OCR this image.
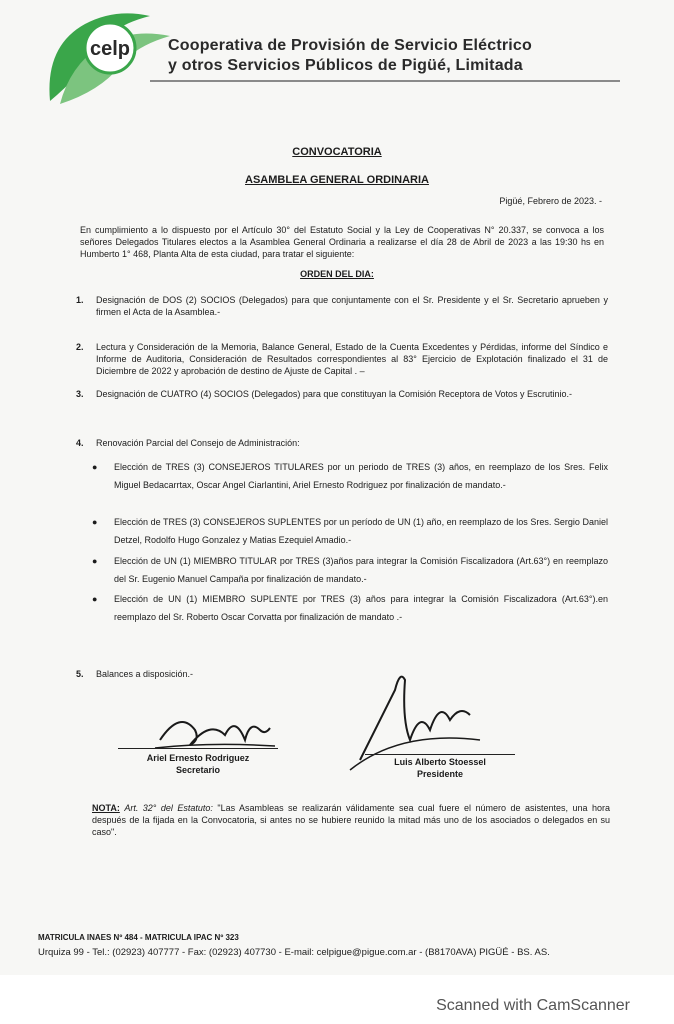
celp Cooperativa de Provisión de Servicio Eléctrico
y otros Servicios Públicos de Pigüé, Limitada
CONVOCATORIA
ASAMBLEA GENERAL ORDINARIA
Pigüé, Febrero de 2023. -
En cumplimiento a lo dispuesto por el Artículo 30° del Estatuto Social y la Ley de Cooperativas N° 20.337, se convoca a los señores Delegados Titulares electos a la Asamblea General Ordinaria a realizarse el día 28 de Abril de 2023 a las 19:30 hs en Humberto 1° 468, Planta Alta de esta ciudad, para tratar el siguiente:
ORDEN DEL DIA:
1.	Designación de DOS (2) SOCIOS (Delegados) para que conjuntamente con el Sr. Presidente y el Sr. Secretario aprueben y firmen el Acta de la Asamblea.-
2.	Lectura y Consideración de la Memoria, Balance General, Estado de la Cuenta Excedentes y Pérdidas, informe del Síndico e Informe de Auditoria, Consideración de Resultados correspondientes al 83° Ejercicio de Explotación finalizado el 31 de Diciembre de 2022 y aprobación de destino de Ajuste de Capital . –
3.	Designación de CUATRO (4) SOCIOS (Delegados) para que constituyan la Comisión Receptora de Votos y Escrutinio.-
4.	Renovación Parcial del Consejo de Administración:
●	Elección de TRES (3) CONSEJEROS TITULARES por un periodo de TRES (3) años, en reemplazo de los Sres. Felix Miguel Bedacarrtax, Oscar Angel Ciarlantini, Ariel Ernesto Rodriguez por finalización de mandato.-
●	Elección de TRES (3) CONSEJEROS SUPLENTES por un período de UN (1) año, en reemplazo de los Sres. Sergio Daniel Detzel, Rodolfo Hugo Gonzalez y Matias Ezequiel Amadio.-
●	Elección de UN (1) MIEMBRO TITULAR por TRES (3)años para integrar la Comisión Fiscalizadora (Art.63°) en reemplazo del Sr. Eugenio Manuel Campaña por finalización de mandato.-
●	Elección de UN (1) MIEMBRO SUPLENTE por TRES (3) años para integrar la Comisión Fiscalizadora (Art.63°).en reemplazo del Sr. Roberto Oscar Corvatta por finalización de mandato .-
5.	Balances a disposición.-
Ariel Ernesto Rodriguez
Secretario
Luis Alberto Stoessel
Presidente
NOTA: Art. 32° del Estatuto: "Las Asambleas se realizarán válidamente sea cual fuere el número de asistentes, una hora después de la fijada en la Convocatoria, si antes no se hubiere reunido la mitad más uno de los asociados o delegados en su caso".
MATRICULA INAES Nº 484 - MATRICULA IPAC Nº 323
Urquiza 99 - Tel.: (02923) 407777 - Fax: (02923) 407730 - E-mail: celpigue@pigue.com.ar - (B8170AVA) PIGÜÉ - BS. AS.
Scanned with CamScanner
